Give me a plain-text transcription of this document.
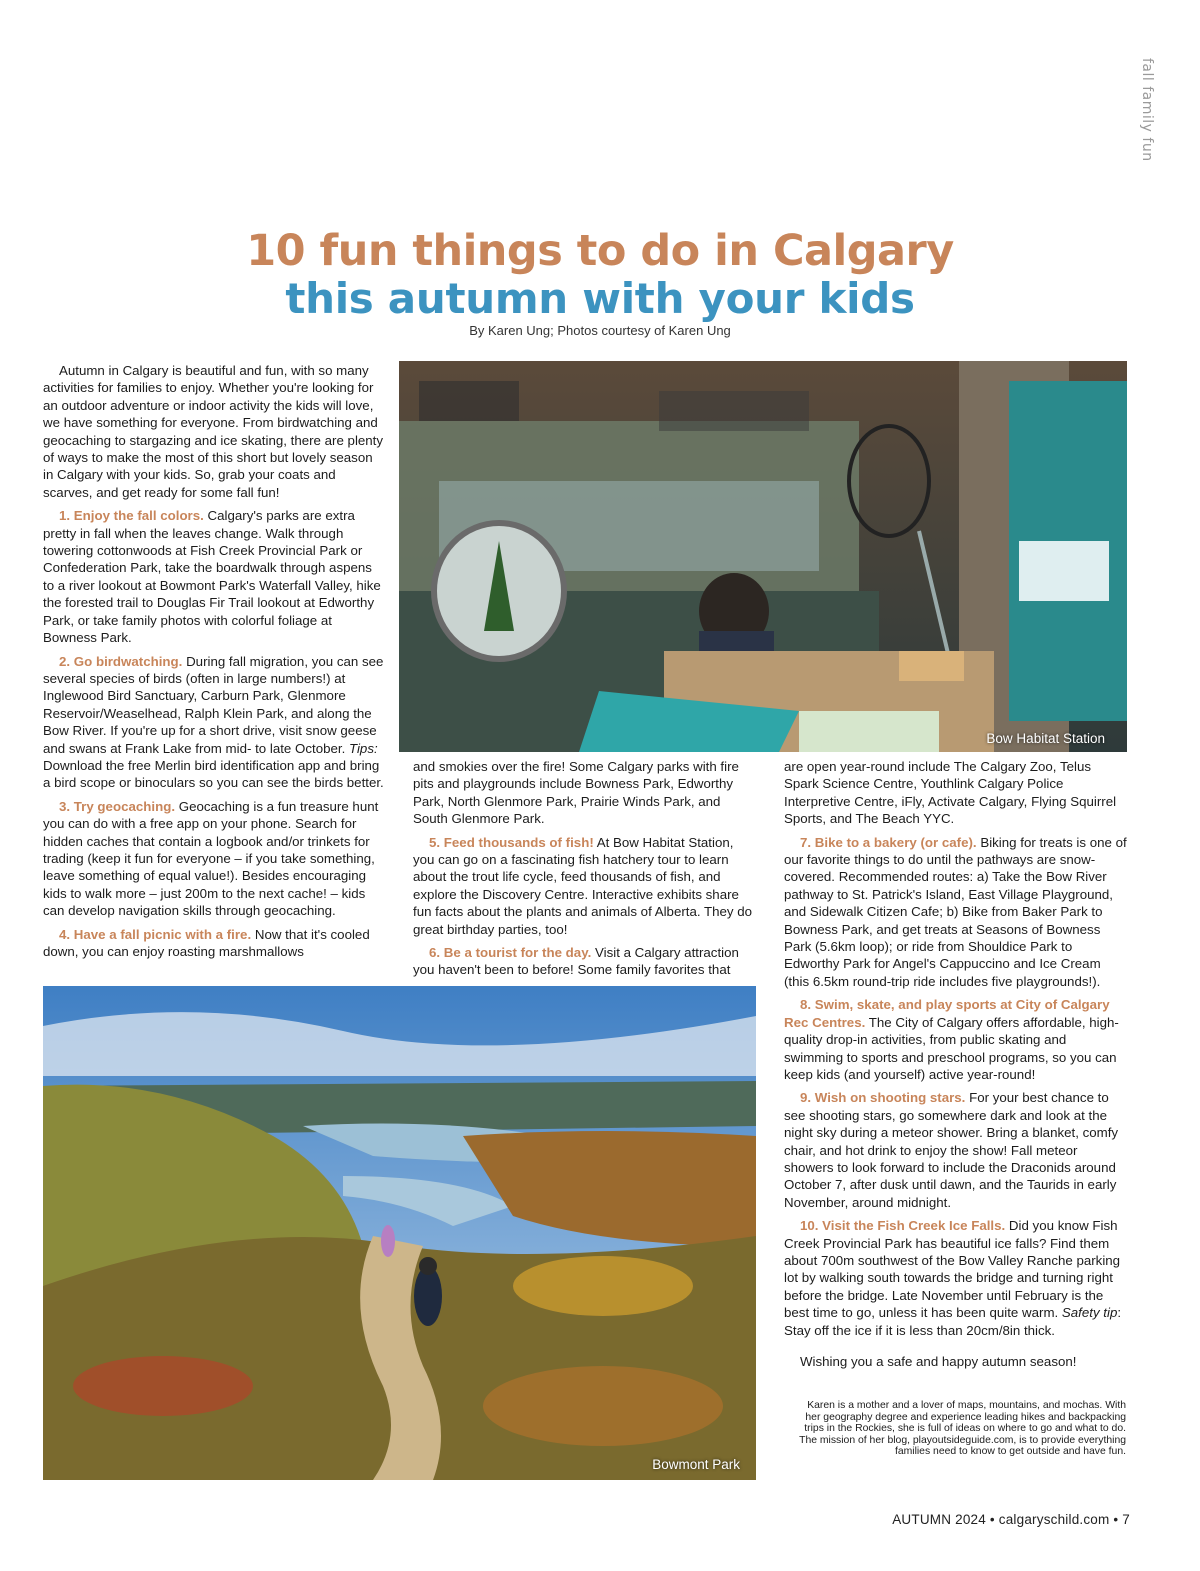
fall family fun
10 fun things to do in Calgary
this autumn with your kids
By Karen Ung; Photos courtesy of Karen Ung

Autumn in Calgary is beautiful and fun, with so many activities for families to enjoy. Whether you're looking for an outdoor adventure or indoor activity the kids will love, we have something for everyone. From birdwatching and geocaching to stargazing and ice skating, there are plenty of ways to make the most of this short but lovely season in Calgary with your kids. So, grab your coats and scarves, and get ready for some fall fun!

1. Enjoy the fall colors. Calgary's parks are extra pretty in fall when the leaves change. Walk through towering cottonwoods at Fish Creek Provincial Park or Confederation Park, take the boardwalk through aspens to a river lookout at Bowmont Park's Waterfall Valley, hike the forested trail to Douglas Fir Trail lookout at Edworthy Park, or take family photos with colorful foliage at Bowness Park.

2. Go birdwatching. During fall migration, you can see several species of birds (often in large numbers!) at Inglewood Bird Sanctuary, Carburn Park, Glenmore Reservoir/Weaselhead, Ralph Klein Park, and along the Bow River. If you're up for a short drive, visit snow geese and swans at Frank Lake from mid- to late October. Tips: Download the free Merlin bird identification app and bring a bird scope or binoculars so you can see the birds better.

3. Try geocaching. Geocaching is a fun treasure hunt you can do with a free app on your phone. Search for hidden caches that contain a logbook and/or trinkets for trading (keep it fun for everyone – if you take something, leave something of equal value!). Besides encouraging kids to walk more – just 200m to the next cache! – kids can develop navigation skills through geocaching.

4. Have a fall picnic with a fire. Now that it's cooled down, you can enjoy roasting marshmallows

Bow Habitat Station

and smokies over the fire! Some Calgary parks with fire pits and playgrounds include Bowness Park, Edworthy Park, North Glenmore Park, Prairie Winds Park, and South Glenmore Park.

5. Feed thousands of fish! At Bow Habitat Station, you can go on a fascinating fish hatchery tour to learn about the trout life cycle, feed thousands of fish, and explore the Discovery Centre. Interactive exhibits share fun facts about the plants and animals of Alberta. They do great birthday parties, too!

6. Be a tourist for the day. Visit a Calgary attraction you haven't been to before! Some family favorites that

are open year-round include The Calgary Zoo, Telus Spark Science Centre, Youthlink Calgary Police Interpretive Centre, iFly, Activate Calgary, Flying Squirrel Sports, and The Beach YYC.

7. Bike to a bakery (or cafe). Biking for treats is one of our favorite things to do until the pathways are snow-covered. Recommended routes: a) Take the Bow River pathway to St. Patrick's Island, East Village Playground, and Sidewalk Citizen Cafe; b) Bike from Baker Park to Bowness Park, and get treats at Seasons of Bowness Park (5.6km loop); or ride from Shouldice Park to Edworthy Park for Angel's Cappuccino and Ice Cream (this 6.5km round-trip ride includes five playgrounds!).

8. Swim, skate, and play sports at City of Calgary Rec Centres. The City of Calgary offers affordable, high-quality drop-in activities, from public skating and swimming to sports and preschool programs, so you can keep kids (and yourself) active year-round!

9. Wish on shooting stars. For your best chance to see shooting stars, go somewhere dark and look at the night sky during a meteor shower. Bring a blanket, comfy chair, and hot drink to enjoy the show! Fall meteor showers to look forward to include the Draconids around October 7, after dusk until dawn, and the Taurids in early November, around midnight.

10. Visit the Fish Creek Ice Falls. Did you know Fish Creek Provincial Park has beautiful ice falls? Find them about 700m southwest of the Bow Valley Ranche parking lot by walking south towards the bridge and turning right before the bridge. Late November until February is the best time to go, unless it has been quite warm. Safety tip: Stay off the ice if it is less than 20cm/8in thick.

Wishing you a safe and happy autumn season!

Bowmont Park
Karen is a mother and a lover of maps, mountains, and mochas. With her geography degree and experience leading hikes and backpacking trips in the Rockies, she is full of ideas on where to go and what to do. The mission of her blog, playoutsideguide.com, is to provide everything families need to know to get outside and have fun.
AUTUMN 2024 • calgaryschild.com • 7
